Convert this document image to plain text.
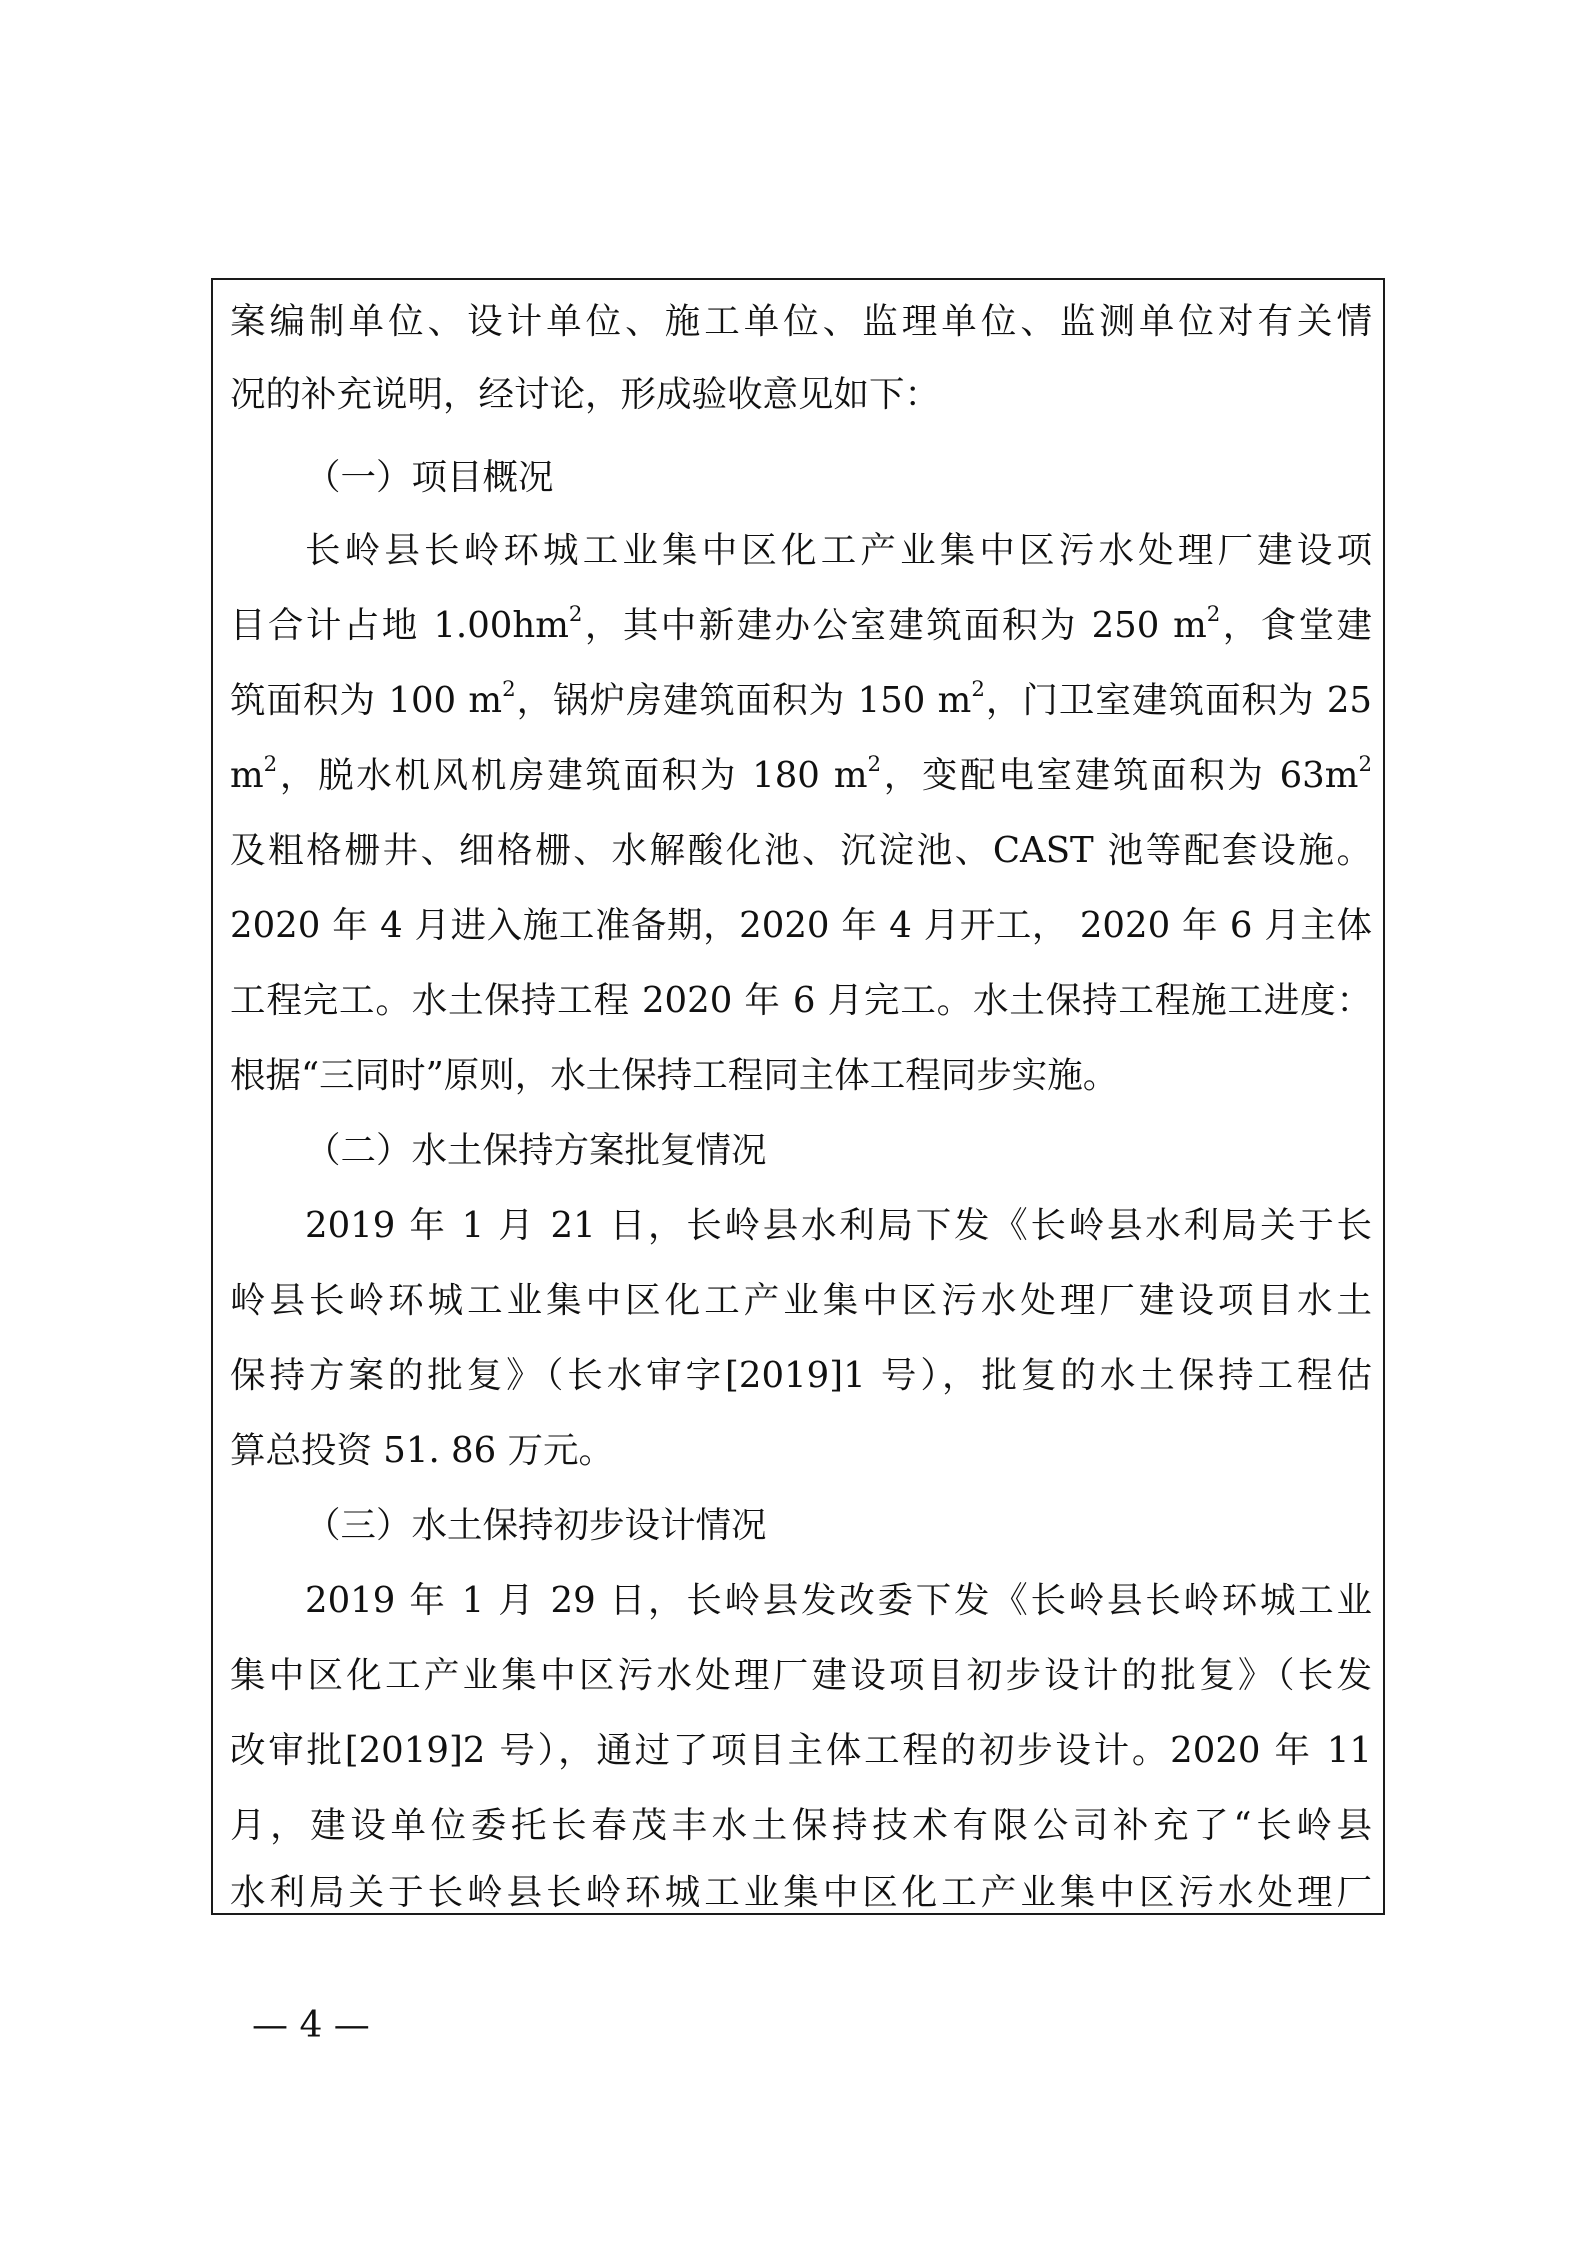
案编制单位、设计单位、施工单位、监理单位、监测单位对有关情
况的补充说明，经讨论，形成验收意见如下：
（一）项目概况
长岭县长岭环城工业集中区化工产业集中区污水处理厂建设项
目合计占地 $1.00hm^2$，其中新建办公室建筑面积为 250 $m^2$，食堂建
筑面积为 100 $m^2$，锅炉房建筑面积为 150 $m^2$，门卫室建筑面积为 25
$m^2$，脱水机风机房建筑面积为 180 $m^2$，变配电室建筑面积为 $63m^2$
及粗格栅井、细格栅、水解酸化池、沉淀池、CAST 池等配套设施。
2020 年 4 月进入施工准备期，2020 年 4 月开工， 2020 年 6 月主体
工程完工。水土保持工程 2020 年 6 月完工。水土保持工程施工进度：
根据“三同时”原则，水土保持工程同主体工程同步实施。
（二）水土保持方案批复情况
2019 年 1 月 21 日，长岭县水利局下发《长岭县水利局关于长
岭县长岭环城工业集中区化工产业集中区污水处理厂建设项目水土
保持方案的批复》（长水审字[2019]1 号），批复的水土保持工程估
算总投资 51. 86 万元。
（三）水土保持初步设计情况
2019 年 1 月 29 日，长岭县发改委下发《长岭县长岭环城工业
集中区化工产业集中区污水处理厂建设项目初步设计的批复》（长发
改审批[2019]2 号），通过了项目主体工程的初步设计。2020 年 11
月，建设单位委托长春茂丰水土保持技术有限公司补充了“长岭县
水利局关于长岭县长岭环城工业集中区化工产业集中区污水处理厂
— 4 —
